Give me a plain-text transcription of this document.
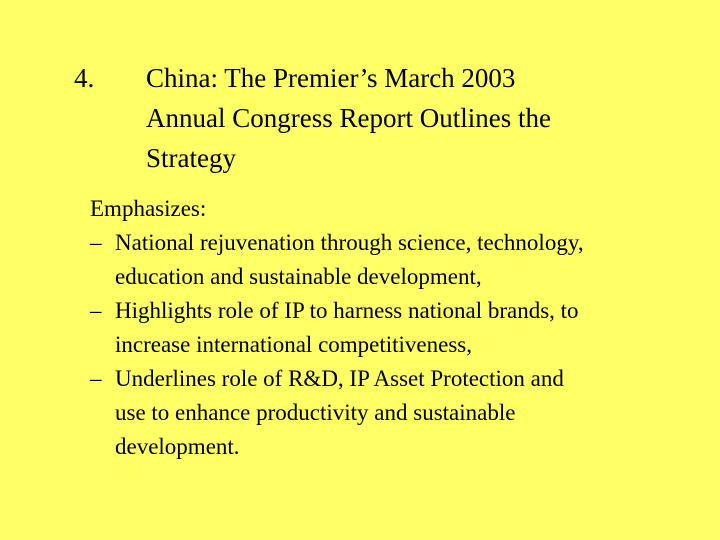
4. China: The Premier’s March 2003
Annual Congress Report Outlines the
Strategy
Emphasizes:
– National rejuvenation through science, technology,
education and sustainable development,
– Highlights role of IP to harness national brands, to
increase international competitiveness,
– Underlines role of R&D, IP Asset Protection and
use to enhance productivity and sustainable
development.
